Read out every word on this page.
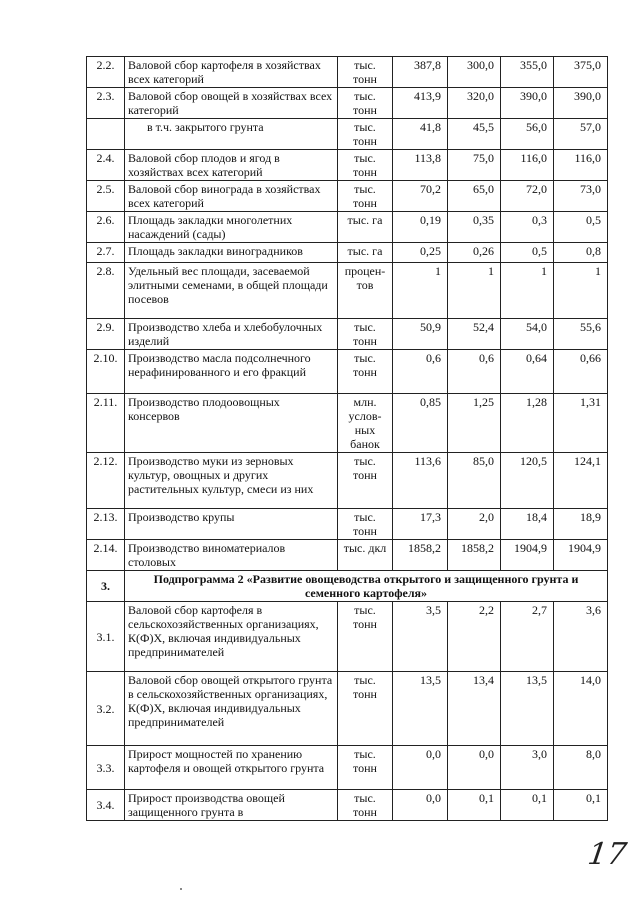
2.2.	Валовой сбор картофеля в хозяйствах всех категорий	тыс. тонн	387,8	300,0	355,0	375,0
2.3.	Валовой сбор овощей в хозяйствах всех категорий	тыс. тонн	413,9	320,0	390,0	390,0
	в т.ч. закрытого грунта	тыс. тонн	41,8	45,5	56,0	57,0
2.4.	Валовой сбор плодов и ягод в хозяйствах всех категорий	тыс. тонн	113,8	75,0	116,0	116,0
2.5.	Валовой сбор винограда в хозяйствах всех категорий	тыс. тонн	70,2	65,0	72,0	73,0
2.6.	Площадь закладки многолетних насаждений (сады)	тыс. га	0,19	0,35	0,3	0,5
2.7.	Площадь закладки виноградников	тыс. га	0,25	0,26	0,5	0,8
2.8.	Удельный вес площади, засеваемой элитными семенами, в общей площади посевов	процен-тов	1	1	1	1
2.9.	Производство хлеба и хлебобулочных изделий	тыс. тонн	50,9	52,4	54,0	55,6
2.10.	Производство масла подсолнечного нерафинированного и его фракций	тыс. тонн	0,6	0,6	0,64	0,66
2.11.	Производство плодоовощных консервов	млн. услов-ных банок	0,85	1,25	1,28	1,31
2.12.	Производство муки из зерновых культур, овощных и других растительных культур, смеси из них	тыс. тонн	113,6	85,0	120,5	124,1
2.13.	Производство крупы	тыс. тонн	17,3	2,0	18,4	18,9
2.14.	Производство виноматериалов столовых	тыс. дкл	1858,2	1858,2	1904,9	1904,9
3.	Подпрограмма 2 «Развитие овощеводства открытого и защищенного грунта и семенного картофеля»					
3.1.	Валовой сбор картофеля в сельскохозяйственных организациях, К(Ф)Х, включая индивидуальных предпринимателей	тыс. тонн	3,5	2,2	2,7	3,6
3.2.	Валовой сбор овощей открытого грунта в сельскохозяйственных организациях, К(Ф)Х, включая индивидуальных предпринимателей	тыс. тонн	13,5	13,4	13,5	14,0
3.3.	Прирост мощностей по хранению картофеля и овощей открытого грунта	тыс. тонн	0,0	0,0	3,0	8,0
3.4.	Прирост производства овощей защищенного грунта в	тыс. тонн	0,0	0,1	0,1	0,1
17
